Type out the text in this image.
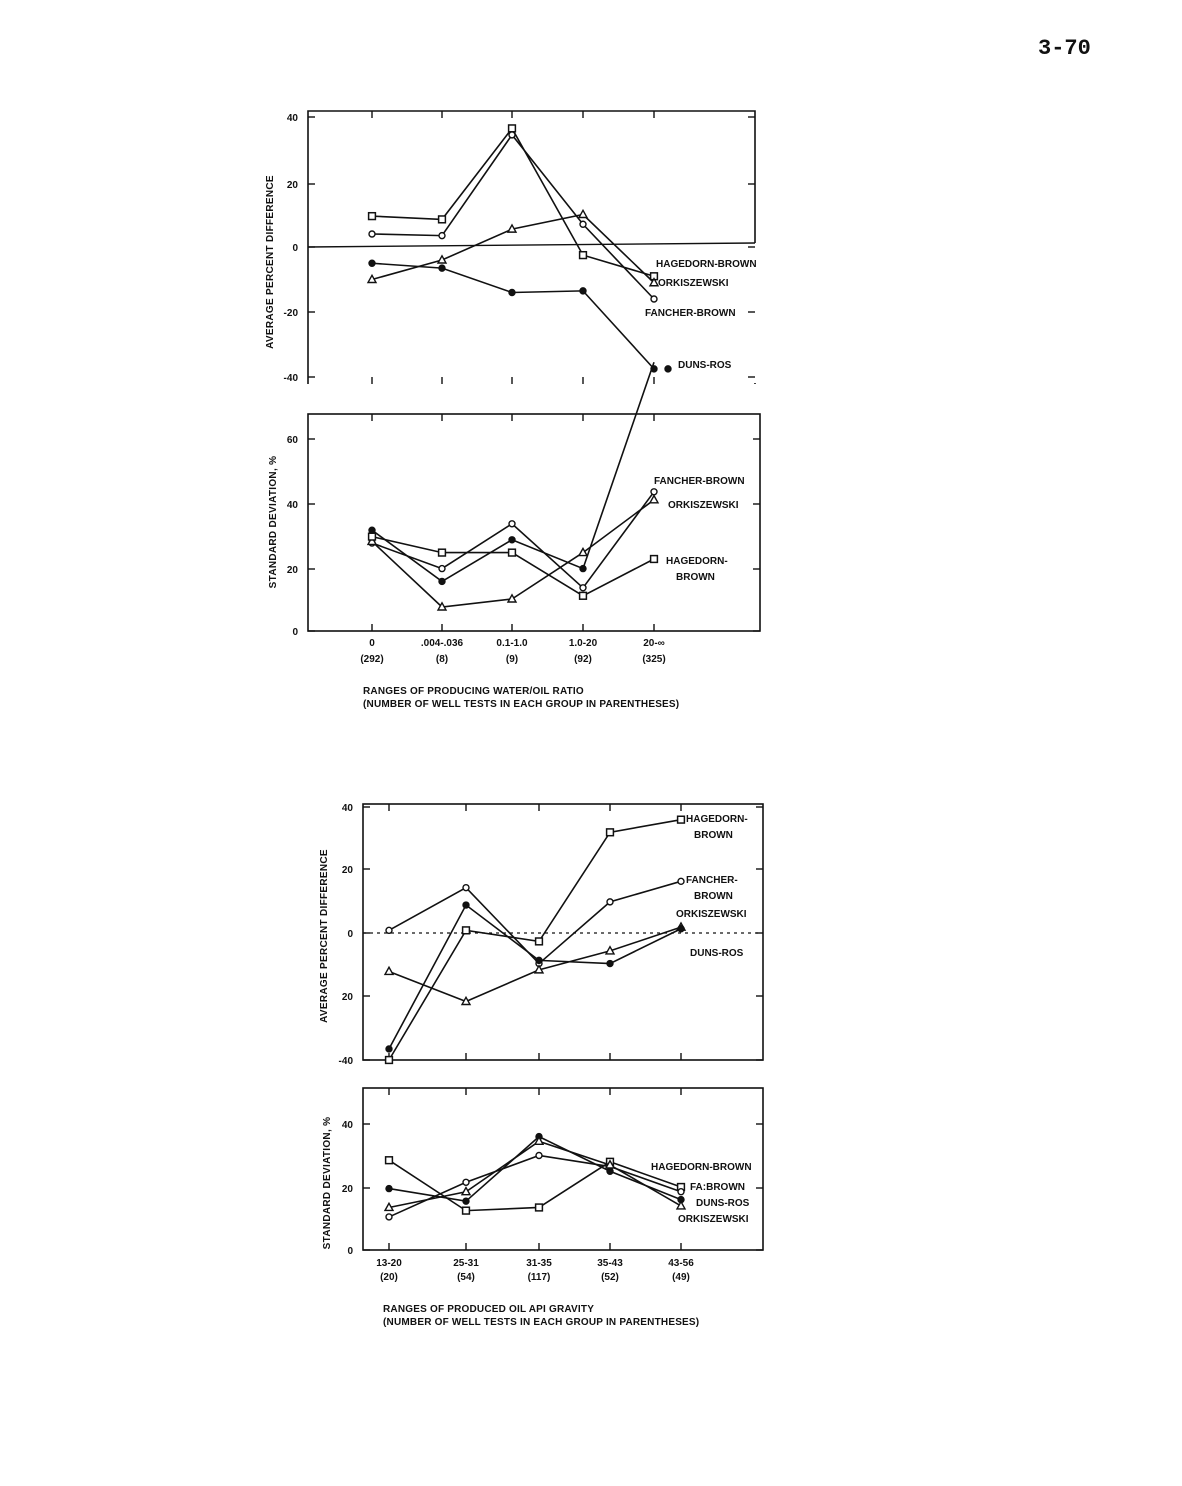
3-70
40
20
0
-20
-40
60
40
20
0
40
20
0
20
-40
40
20
0
HAGEDORN-BROWN
ORKISZEWSKI
FANCHER-BROWN
DUNS-ROS
FANCHER-BROWN
ORKISZEWSKI
HAGEDORN-
BROWN
HAGEDORN-
BROWN
FANCHER-
BROWN
ORKISZEWSKI
DUNS-ROS
HAGEDORN-BROWN
FA:BROWN
DUNS-ROS
ORKISZEWSKI
AVERAGE PERCENT DIFFERENCE
STANDARD DEVIATION, %
AVERAGE PERCENT DIFFERENCE
STANDARD DEVIATION, %
0
(292)
.004-.036
(8)
0.1-1.0
(9)
1.0-20
(92)
20-∞
(325)
RANGES OF PRODUCING WATER/OIL RATIO
(NUMBER OF WELL TESTS IN EACH GROUP IN PARENTHESES)
13-20
(20)
25-31
(54)
31-35
(117)
35-43
(52)
43-56
(49)
RANGES OF PRODUCED OIL API GRAVITY
(NUMBER OF WELL TESTS IN EACH GROUP IN PARENTHESES)
